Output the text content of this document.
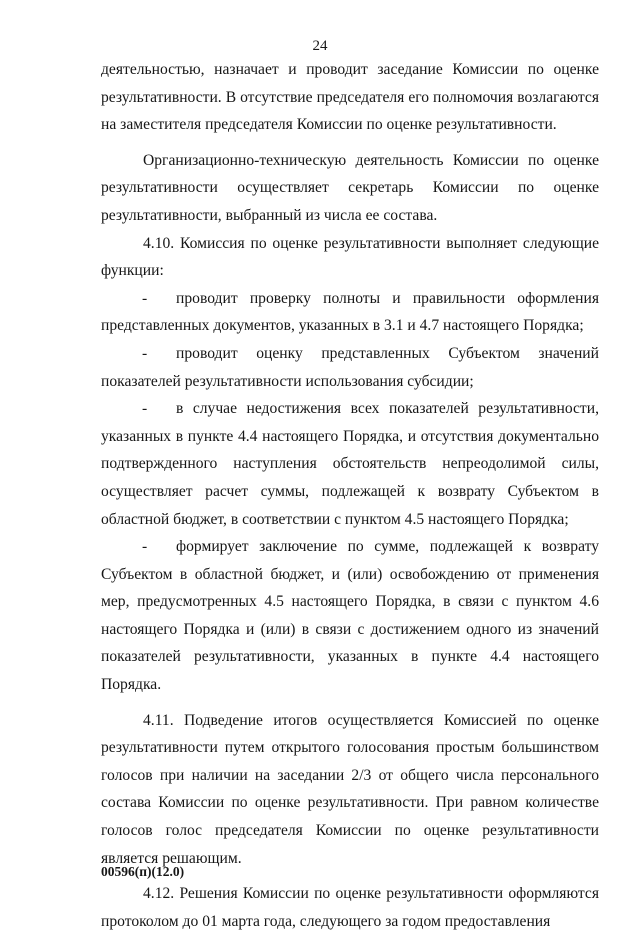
24

деятельностью, назначает и проводит заседание Комиссии по оценке результативности. В отсутствие председателя его полномочия возлагаются на заместителя председателя Комиссии по оценке результативности.

Организационно-техническую деятельность Комиссии по оценке результативности осуществляет секретарь Комиссии по оценке результативности, выбранный из числа ее состава.

4.10. Комиссия по оценке результативности выполняет следующие функции:

- проводит проверку полноты и правильности оформления представленных документов, указанных в 3.1 и 4.7 настоящего Порядка;

- проводит оценку представленных Субъектом значений показателей результативности использования субсидии;

- в случае недостижения всех показателей результативности, указанных в пункте 4.4 настоящего Порядка, и отсутствия документально подтвержденного наступления обстоятельств непреодолимой силы, осуществляет расчет суммы, подлежащей к возврату Субъектом в областной бюджет, в соответствии с пунктом 4.5 настоящего Порядка;

- формирует заключение по сумме, подлежащей к возврату Субъектом в областной бюджет, и (или) освобождению от применения мер, предусмотренных 4.5 настоящего Порядка, в связи с пунктом 4.6 настоящего Порядка и (или) в связи с достижением одного из значений показателей результативности, указанных в пункте 4.4 настоящего Порядка.

4.11. Подведение итогов осуществляется Комиссией по оценке результативности путем открытого голосования простым большинством голосов при наличии на заседании 2/3 от общего числа персонального состава Комиссии по оценке результативности. При равном количестве голосов голос председателя Комиссии по оценке результативности является решающим.

4.12. Решения Комиссии по оценке результативности оформляются протоколом до 01 марта года, следующего за годом предоставления

00596(п)(12.0)
